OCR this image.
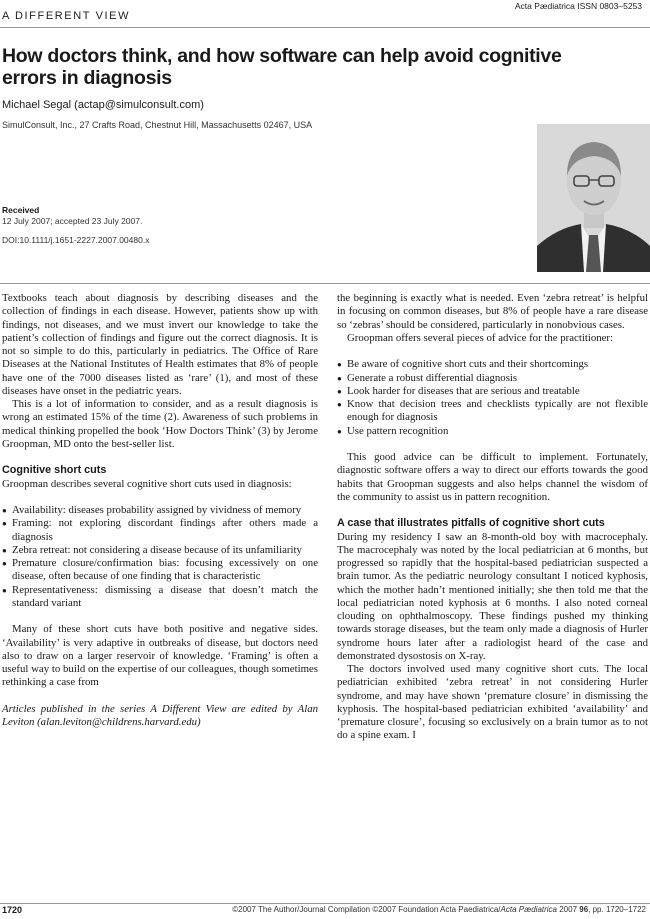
Acta Pædiatrica ISSN 0803–5253
A DIFFERENT VIEW
How doctors think, and how software can help avoid cognitive errors in diagnosis
Michael Segal (actap@simulconsult.com)
SimulConsult, Inc., 27 Crafts Road, Chestnut Hill, Massachusetts 02467, USA
Received
12 July 2007; accepted 23 July 2007.
DOI:10.1111/j.1651-2227.2007.00480.x

Textbooks teach about diagnosis by describing diseases and the collection of findings in each disease. However, patients show up with findings, not diseases, and we must invert our knowledge to take the patient’s collection of findings and figure out the correct diagnosis. It is not so simple to do this, particularly in pediatrics. The Office of Rare Diseases at the National Institutes of Health estimates that 8% of people have one of the 7000 diseases listed as ‘rare’ (1), and most of these diseases have onset in the pediatric years.

This is a lot of information to consider, and as a result diagnosis is wrong an estimated 15% of the time (2). Awareness of such problems in medical thinking propelled the book ‘How Doctors Think’ (3) by Jerome Groopman, MD onto the best-seller list.

Cognitive short cuts

Groopman describes several cognitive short cuts used in diagnosis:

● Availability: diseases probability assigned by vividness of memory
● Framing: not exploring discordant findings after others made a diagnosis
● Zebra retreat: not considering a disease because of its unfamiliarity
● Premature closure/confirmation bias: focusing excessively on one disease, often because of one finding that is characteristic
● Representativeness: dismissing a disease that doesn’t match the standard variant

Many of these short cuts have both positive and negative sides. ‘Availability’ is very adaptive in outbreaks of disease, but doctors need also to draw on a larger reservoir of knowledge. ‘Framing’ is often a useful way to build on the expertise of our colleagues, though sometimes rethinking a case from

Articles published in the series A Different View are edited by Alan Leviton (alan.leviton@childrens.harvard.edu)

the beginning is exactly what is needed. Even ‘zebra retreat’ is helpful in focusing on common diseases, but 8% of people have a rare disease so ‘zebras’ should be considered, particularly in nonobvious cases.

Groopman offers several pieces of advice for the practitioner:

● Be aware of cognitive short cuts and their shortcomings
● Generate a robust differential diagnosis
● Look harder for diseases that are serious and treatable
● Know that decision trees and checklists typically are not flexible enough for diagnosis
● Use pattern recognition

This good advice can be difficult to implement. Fortunately, diagnostic software offers a way to direct our efforts towards the good habits that Groopman suggests and also helps channel the wisdom of the community to assist us in pattern recognition.

A case that illustrates pitfalls of cognitive short cuts

During my residency I saw an 8-month-old boy with macrocephaly. The macrocephaly was noted by the local pediatrician at 6 months, but progressed so rapidly that the hospital-based pediatrician suspected a brain tumor. As the pediatric neurology consultant I noticed kyphosis, which the mother hadn’t mentioned initially; she then told me that the local pediatrician noted kyphosis at 6 months. I also noted corneal clouding on ophthalmoscopy. These findings pushed my thinking towards storage diseases, but the team only made a diagnosis of Hurler syndrome hours later after a radiologist heard of the case and demonstrated dysostosis on X-ray.

The doctors involved used many cognitive short cuts. The local pediatrician exhibited ‘zebra retreat’ in not considering Hurler syndrome, and may have shown ‘premature closure’ in dismissing the kyphosis. The hospital-based pediatrician exhibited ‘availability’ and ‘premature closure’, focusing so exclusively on a brain tumor as to not do a spine exam. I

1720	©2007 The Author/Journal Compilation ©2007 Foundation Acta Paediatrica/Acta Pædiatrica 2007 96, pp. 1720–1722
